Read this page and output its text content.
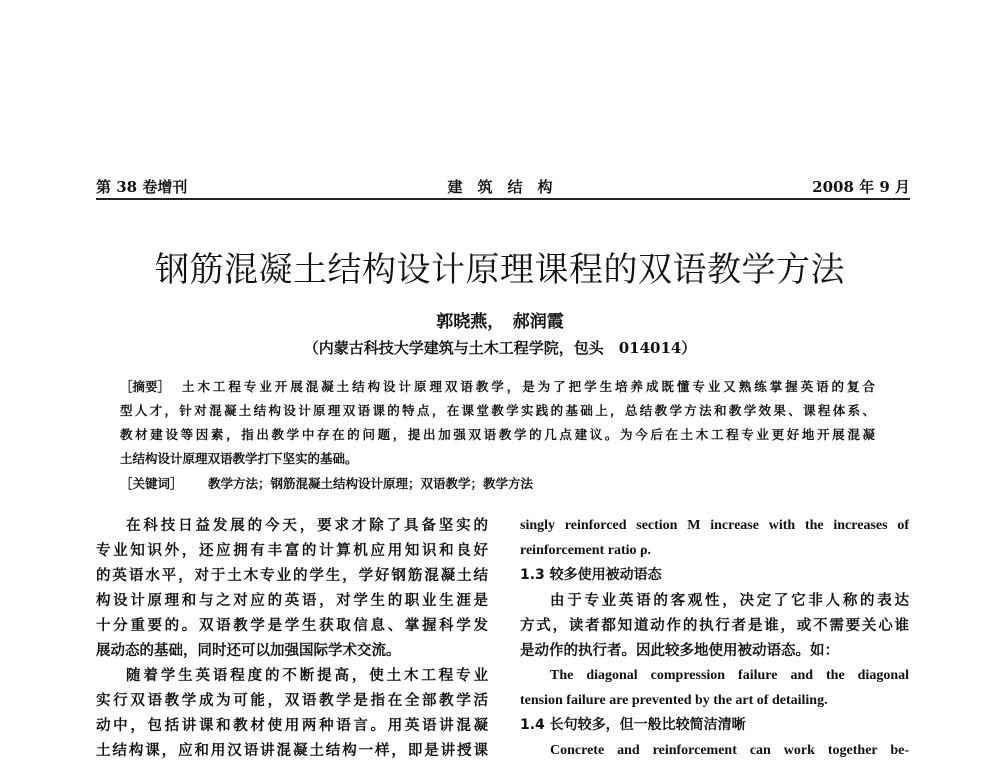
第 38 卷增刊	建　筑　结　构	2008 年 9 月
钢筋混凝土结构设计原理课程的双语教学方法
郭晓燕，　郝润霞
（内蒙古科技大学建筑与土木工程学院，包头　014014）
［摘要］ 土木工程专业开展混凝土结构设计原理双语教学，是为了把学生培养成既懂专业又熟练掌握英语的复合
型人才，针对混凝土结构设计原理双语课的特点，在课堂教学实践的基础上，总结教学方法和教学效果、课程体系、
教材建设等因素，指出教学中存在的问题，提出加强双语教学的几点建议。为今后在土木工程专业更好地开展混凝
土结构设计原理双语教学打下坚实的基础。
［关键词］ 教学方法；钢筋混凝土结构设计原理；双语教学；教学方法
在科技日益发展的今天，要求才除了具备坚实的
专业知识外，还应拥有丰富的计算机应用知识和良好
的英语水平，对于土木专业的学生，学好钢筋混凝土结
构设计原理和与之对应的英语，对学生的职业生涯是
十分重要的。双语教学是学生获取信息、掌握科学发
展动态的基础，同时还可以加强国际学术交流。
随着学生英语程度的不断提高，使土木工程专业
实行双语教学成为可能，双语教学是指在全部教学活
动中，包括讲课和教材使用两种语言。用英语讲混凝
土结构课，应和用汉语讲混凝土结构一样，即是讲授课
singly reinforced section M increase with the increases of
reinforcement ratio ρ.
1.3 较多使用被动语态
由于专业英语的客观性，决定了它非人称的表达
方式，读者都知道动作的执行者是谁，或不需要关心谁
是动作的执行者。因此较多地使用被动语态。如：
The diagonal compression failure and the diagonal
tension failure are prevented by the art of detailing.
1.4 长句较多，但一般比较简洁清晰
Concrete and reinforcement can work together be-
